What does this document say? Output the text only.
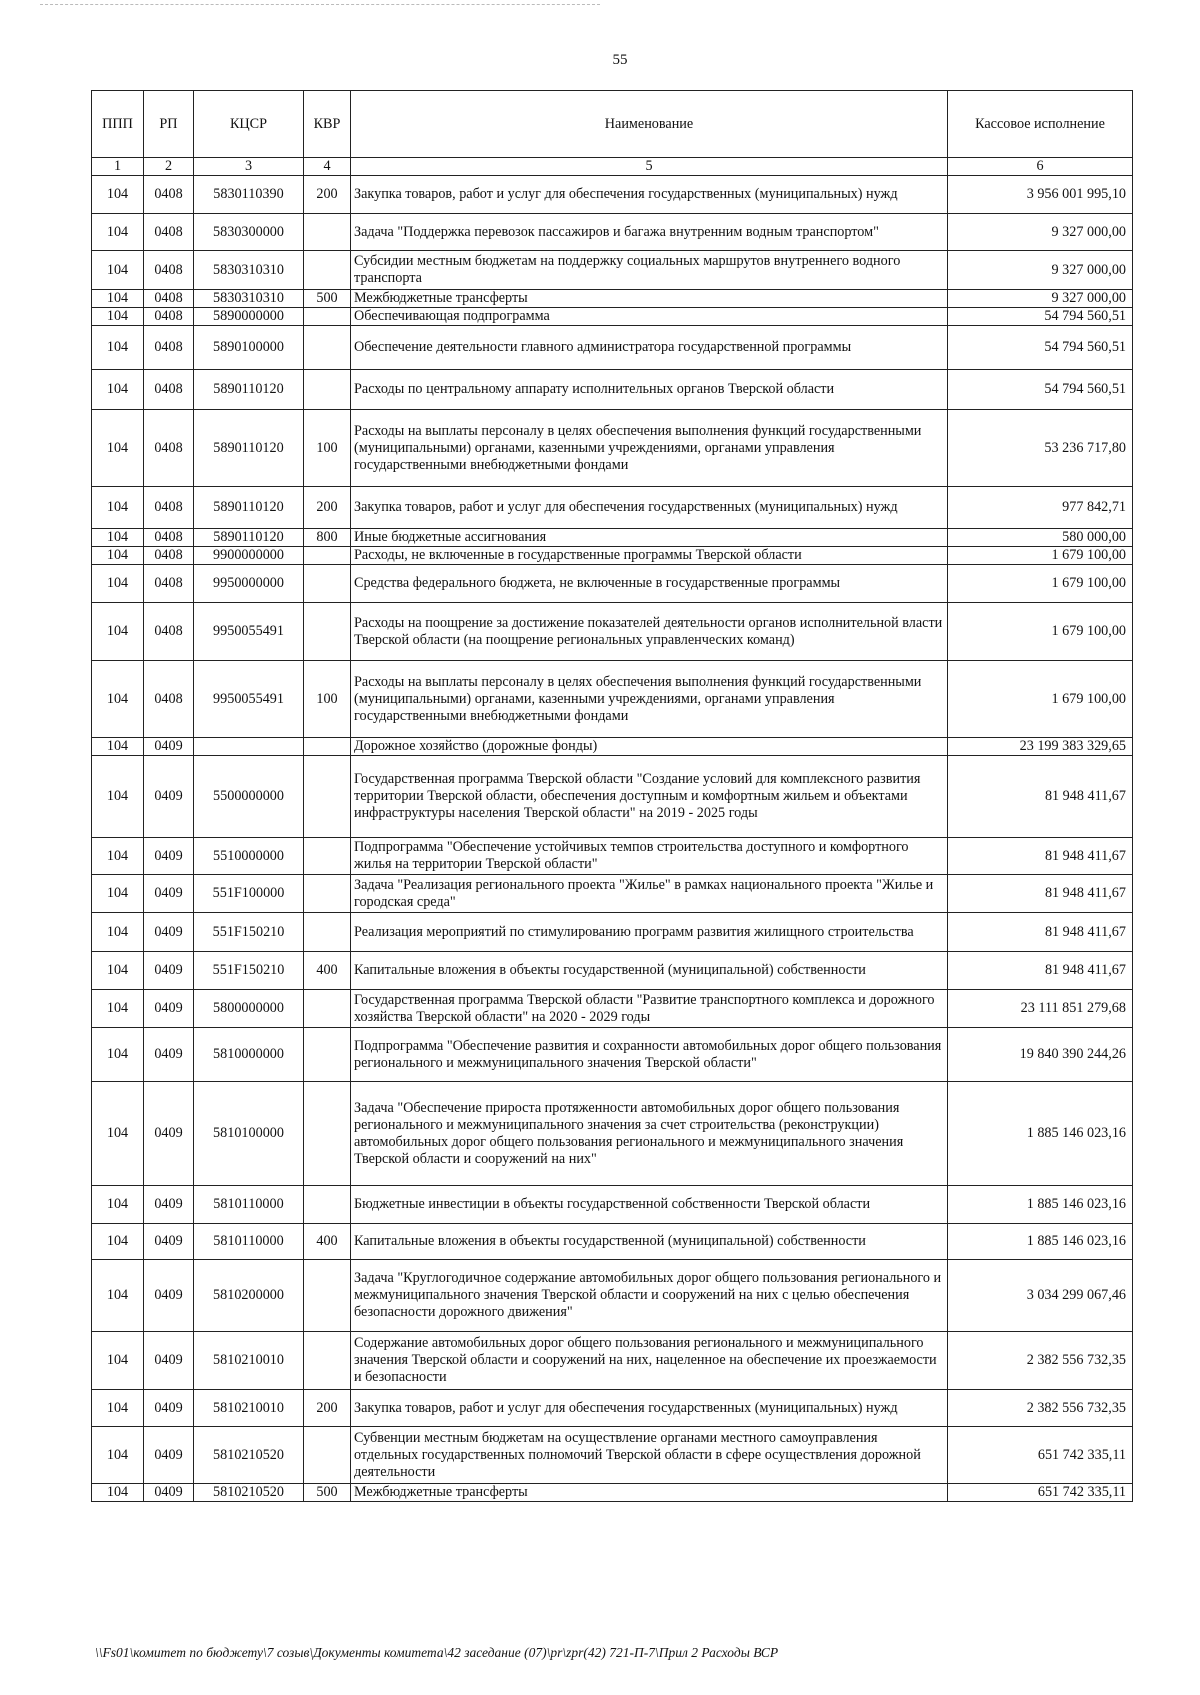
55
ППП	РП	КЦСР	КВР	Наименование	Кассовое исполнение
1	2	3	4	5	6
104	0408	5830110390	200	Закупка товаров, работ и услуг для обеспечения государственных (муниципальных) нужд	3 956 001 995,10
104	0408	5830300000		Задача "Поддержка перевозок пассажиров и багажа внутренним водным транспортом"	9 327 000,00
104	0408	5830310310		Субсидии местным бюджетам на поддержку социальных маршрутов внутреннего водного транспорта	9 327 000,00
104	0408	5830310310	500	Межбюджетные трансферты	9 327 000,00
104	0408	5890000000		Обеспечивающая подпрограмма	54 794 560,51
104	0408	5890100000		Обеспечение деятельности главного администратора государственной программы	54 794 560,51
104	0408	5890110120		Расходы по центральному аппарату исполнительных органов Тверской области	54 794 560,51
104	0408	5890110120	100	Расходы на выплаты персоналу в целях обеспечения выполнения функций государственными (муниципальными) органами, казенными учреждениями, органами управления государственными внебюджетными фондами	53 236 717,80
104	0408	5890110120	200	Закупка товаров, работ и услуг для обеспечения государственных (муниципальных) нужд	977 842,71
104	0408	5890110120	800	Иные бюджетные ассигнования	580 000,00
104	0408	9900000000		Расходы, не включенные в государственные программы Тверской области	1 679 100,00
104	0408	9950000000		Средства федерального бюджета, не включенные в государственные программы	1 679 100,00
104	0408	9950055491		Расходы на поощрение за достижение показателей деятельности органов исполнительной власти Тверской области (на поощрение региональных управленческих команд)	1 679 100,00
104	0408	9950055491	100	Расходы на выплаты персоналу в целях обеспечения выполнения функций государственными (муниципальными) органами, казенными учреждениями, органами управления государственными внебюджетными фондами	1 679 100,00
104	0409			Дорожное хозяйство (дорожные фонды)	23 199 383 329,65
104	0409	5500000000		Государственная программа Тверской области "Создание условий для комплексного развития территории Тверской области, обеспечения доступным и комфортным жильем и объектами инфраструктуры населения Тверской области" на 2019 - 2025 годы	81 948 411,67
104	0409	5510000000		Подпрограмма "Обеспечение устойчивых темпов строительства доступного и комфортного жилья на территории Тверской области"	81 948 411,67
104	0409	551F100000		Задача "Реализация регионального проекта "Жилье" в рамках национального проекта "Жилье и городская среда"	81 948 411,67
104	0409	551F150210		Реализация мероприятий по стимулированию программ развития жилищного строительства	81 948 411,67
104	0409	551F150210	400	Капитальные вложения в объекты государственной (муниципальной) собственности	81 948 411,67
104	0409	5800000000		Государственная программа Тверской области "Развитие транспортного комплекса и дорожного хозяйства Тверской области" на 2020 - 2029 годы	23 111 851 279,68
104	0409	5810000000		Подпрограмма "Обеспечение развития и сохранности автомобильных дорог общего пользования регионального и межмуниципального значения Тверской области"	19 840 390 244,26
104	0409	5810100000		Задача "Обеспечение прироста протяженности автомобильных дорог общего пользования регионального и межмуниципального значения за счет строительства (реконструкции) автомобильных дорог общего пользования регионального и межмуниципального значения Тверской области и сооружений на них"	1 885 146 023,16
104	0409	5810110000		Бюджетные инвестиции в объекты государственной собственности Тверской области	1 885 146 023,16
104	0409	5810110000	400	Капитальные вложения в объекты государственной (муниципальной) собственности	1 885 146 023,16
104	0409	5810200000		Задача "Круглогодичное содержание автомобильных дорог общего пользования регионального и межмуниципального значения Тверской области и сооружений на них с целью обеспечения безопасности дорожного движения"	3 034 299 067,46
104	0409	5810210010		Содержание автомобильных дорог общего пользования регионального и межмуниципального значения Тверской области и сооружений на них, нацеленное на обеспечение их проезжаемости и безопасности	2 382 556 732,35
104	0409	5810210010	200	Закупка товаров, работ и услуг для обеспечения государственных (муниципальных) нужд	2 382 556 732,35
104	0409	5810210520		Субвенции местным бюджетам на осуществление органами местного самоуправления отдельных государственных полномочий Тверской области в сфере осуществления дорожной деятельности	651 742 335,11
104	0409	5810210520	500	Межбюджетные трансферты	651 742 335,11
\\Fs01\комитет по бюджету\7 созыв\Документы комитета\42 заседание (07)\pr\zpr(42) 721-П-7\Прил 2 Расходы ВСР
